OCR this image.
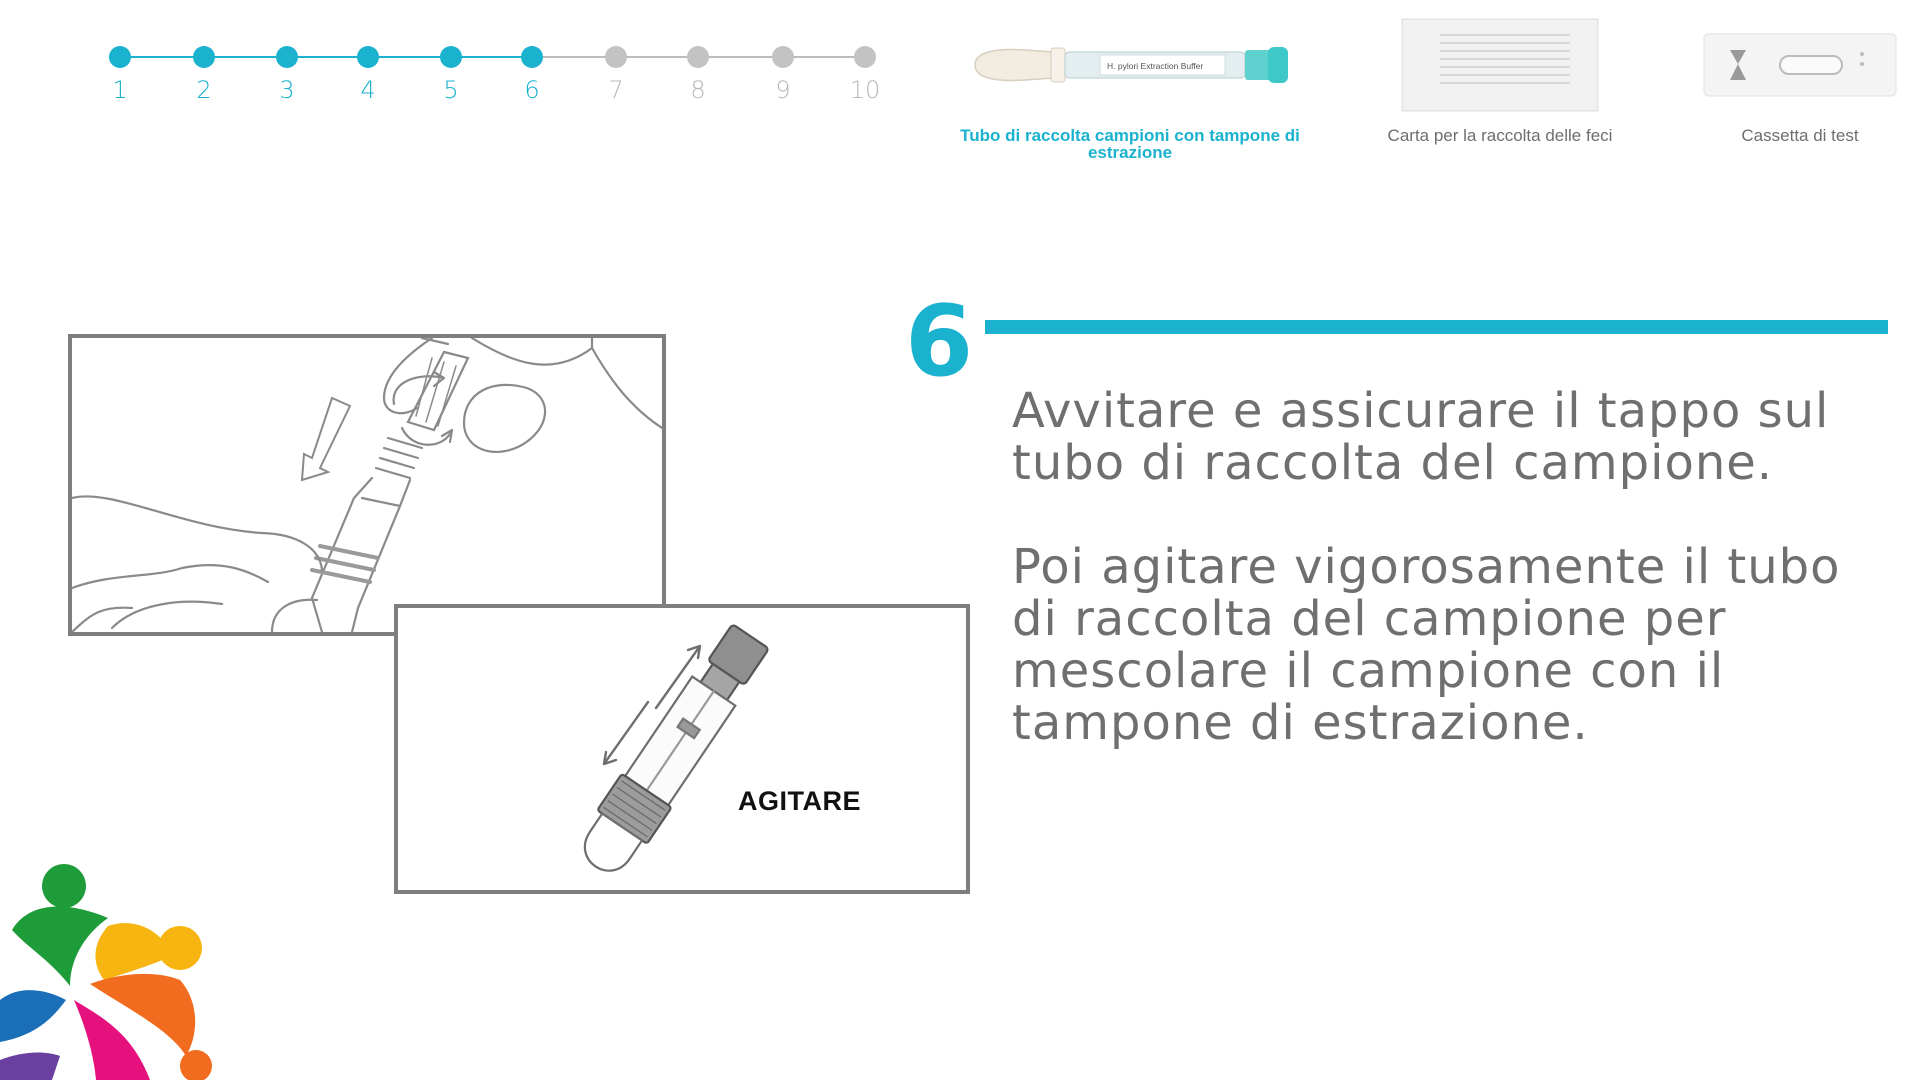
1	2	3	4	5	6	7	8	9	10
H. pylori Extraction Buffer
Tubo di raccolta campioni con tampone di estrazione
Carta per la raccolta delle feci	Cassetta di test
6

Avvitare e assicurare il tappo sul tubo di raccolta del campione.

Poi agitare vigorosamente il tubo di raccolta del campione per mescolare il campione con il tampone di estrazione.

AGITARE
